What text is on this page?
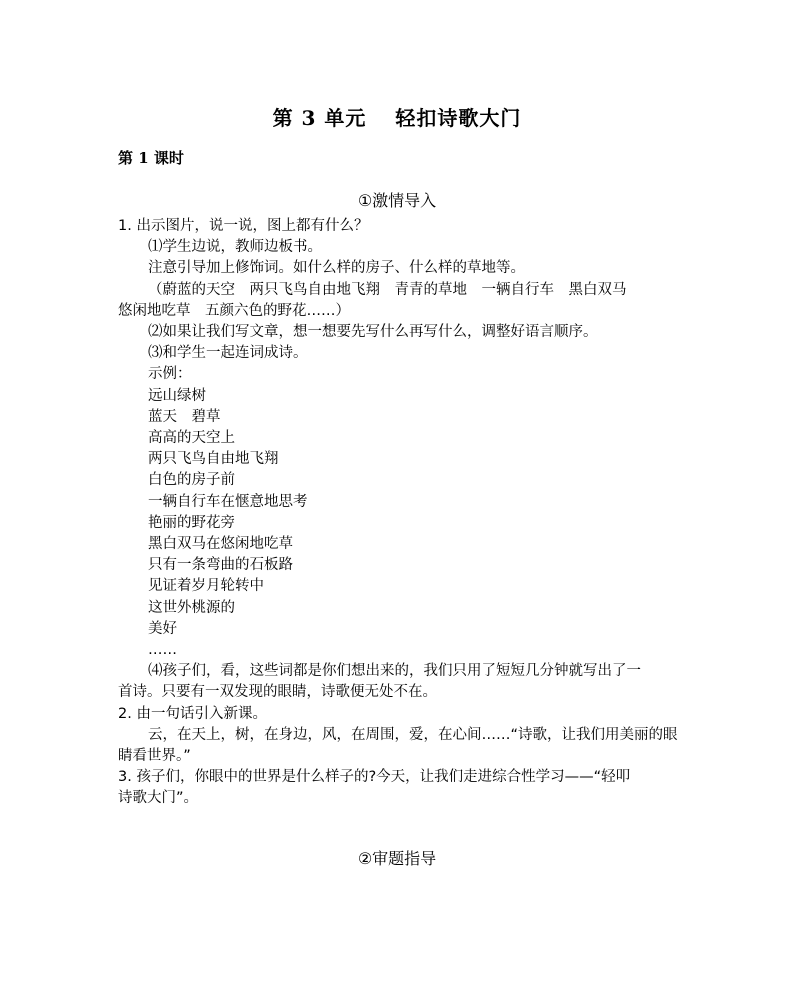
第 3 单元　 轻扣诗歌大门
第 1 课时
①激情导入
1. 出示图片，说一说，图上都有什么？
⑴学生边说，教师边板书。
注意引导加上修饰词。如什么样的房子、什么样的草地等。
（蔚蓝的天空　两只飞鸟自由地飞翔　青青的草地　一辆自行车　黑白双马
悠闲地吃草　五颜六色的野花……）
⑵如果让我们写文章，想一想要先写什么再写什么，调整好语言顺序。
⑶和学生一起连词成诗。
示例：
远山绿树
蓝天　碧草
高高的天空上
两只飞鸟自由地飞翔
白色的房子前
一辆自行车在惬意地思考
艳丽的野花旁
黑白双马在悠闲地吃草
只有一条弯曲的石板路
见证着岁月轮转中
这世外桃源的
美好
……
⑷孩子们，看，这些词都是你们想出来的，我们只用了短短几分钟就写出了一
首诗。只要有一双发现的眼睛，诗歌便无处不在。
2. 由一句话引入新课。
云，在天上，树，在身边，风，在周围，爱，在心间……“诗歌，让我们用美丽的眼
睛看世界。”
3. 孩子们，你眼中的世界是什么样子的?今天，让我们走进综合性学习——“轻叩
诗歌大门”。
②审题指导
